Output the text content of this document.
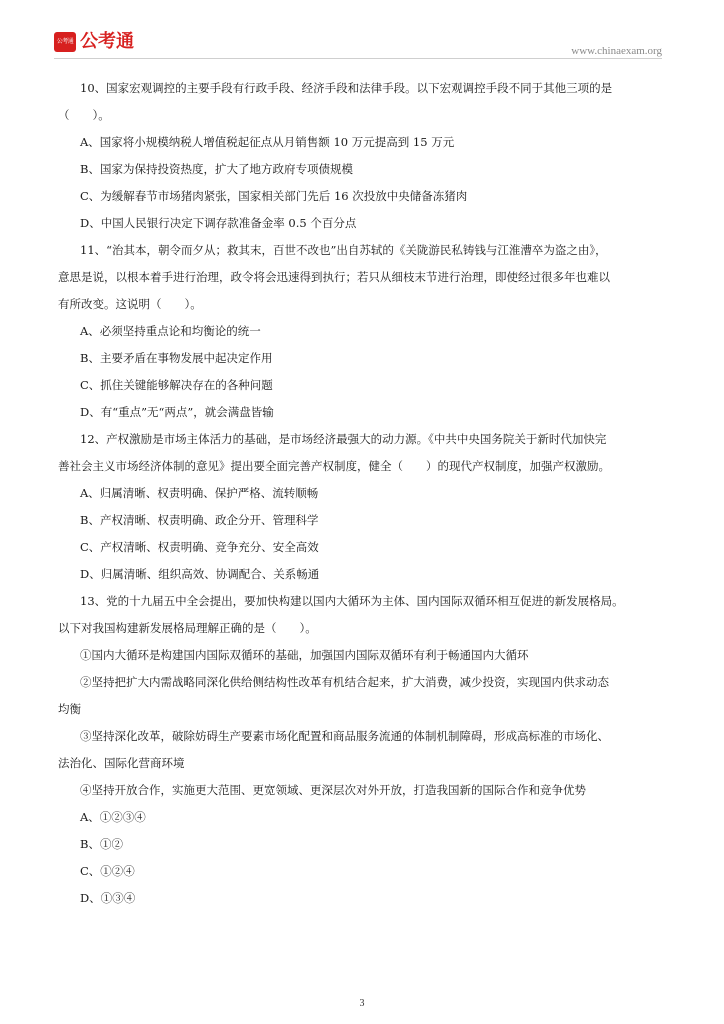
公考通 公考通	www.chinaexam.org
10、国家宏观调控的主要手段有行政手段、经济手段和法律手段。以下宏观调控手段不同于其他三项的是
（　　）。
A、国家将小规模纳税人增值税起征点从月销售额 10 万元提高到 15 万元
B、国家为保持投资热度，扩大了地方政府专项债规模
C、为缓解春节市场猪肉紧张，国家相关部门先后 16 次投放中央储备冻猪肉
D、中国人民银行决定下调存款准备金率 0.5 个百分点
11、“治其本，朝令而夕从；救其末，百世不改也”出自苏轼的《关陇游民私铸钱与江淮漕卒为盗之由》，
意思是说，以根本着手进行治理，政令将会迅速得到执行；若只从细枝末节进行治理，即使经过很多年也难以
有所改变。这说明（　　）。
A、必须坚持重点论和均衡论的统一
B、主要矛盾在事物发展中起决定作用
C、抓住关键能够解决存在的各种问题
D、有“重点”无“两点”，就会满盘皆输
12、产权激励是市场主体活力的基础，是市场经济最强大的动力源。《中共中央国务院关于新时代加快完
善社会主义市场经济体制的意见》提出要全面完善产权制度，健全（　　）的现代产权制度，加强产权激励。
A、归属清晰、权责明确、保护严格、流转顺畅
B、产权清晰、权责明确、政企分开、管理科学
C、产权清晰、权责明确、竞争充分、安全高效
D、归属清晰、组织高效、协调配合、关系畅通
13、党的十九届五中全会提出，要加快构建以国内大循环为主体、国内国际双循环相互促进的新发展格局。
以下对我国构建新发展格局理解正确的是（　　）。
①国内大循环是构建国内国际双循环的基础，加强国内国际双循环有利于畅通国内大循环
②坚持把扩大内需战略同深化供给侧结构性改革有机结合起来，扩大消费，减少投资，实现国内供求动态
均衡
③坚持深化改革，破除妨碍生产要素市场化配置和商品服务流通的体制机制障碍，形成高标准的市场化、
法治化、国际化营商环境
④坚持开放合作，实施更大范围、更宽领域、更深层次对外开放，打造我国新的国际合作和竞争优势
A、①②③④
B、①②
C、①②④
D、①③④
3
